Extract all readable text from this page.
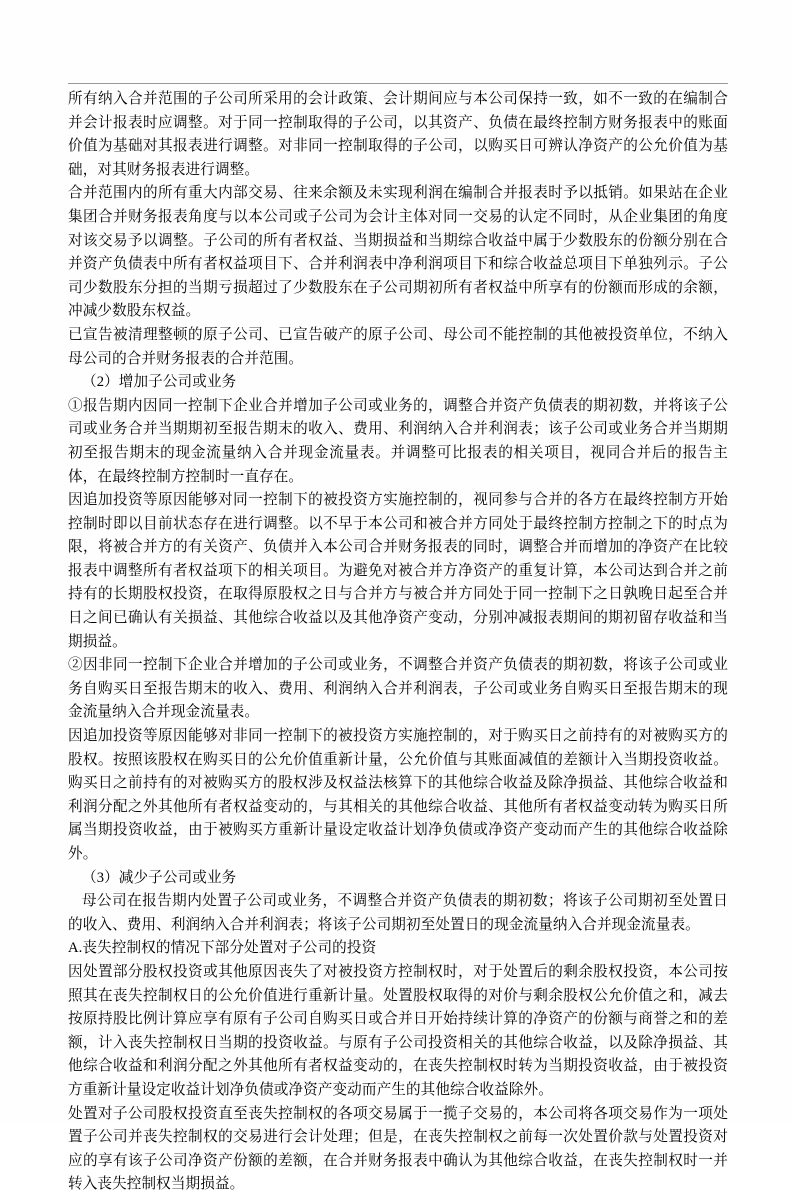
所有纳入合并范围的子公司所采用的会计政策、会计期间应与本公司保持一致，如不一致的在编制合并会计报表时应调整。对于同一控制取得的子公司，以其资产、负债在最终控制方财务报表中的账面价值为基础对其报表进行调整。对非同一控制取得的子公司，以购买日可辨认净资产的公允价值为基础，对其财务报表进行调整。

合并范围内的所有重大内部交易、往来余额及未实现利润在编制合并报表时予以抵销。如果站在企业集团合并财务报表角度与以本公司或子公司为会计主体对同一交易的认定不同时，从企业集团的角度对该交易予以调整。子公司的所有者权益、当期损益和当期综合收益中属于少数股东的份额分别在合并资产负债表中所有者权益项目下、合并利润表中净利润项目下和综合收益总项目下单独列示。子公司少数股东分担的当期亏损超过了少数股东在子公司期初所有者权益中所享有的份额而形成的余额，冲减少数股东权益。

已宣告被清理整顿的原子公司、已宣告破产的原子公司、母公司不能控制的其他被投资单位，不纳入母公司的合并财务报表的合并范围。

（2）增加子公司或业务

①报告期内因同一控制下企业合并增加子公司或业务的，调整合并资产负债表的期初数，并将该子公司或业务合并当期期初至报告期末的收入、费用、利润纳入合并利润表；该子公司或业务合并当期期初至报告期末的现金流量纳入合并现金流量表。并调整可比报表的相关项目，视同合并后的报告主体，在最终控制方控制时一直存在。

因追加投资等原因能够对同一控制下的被投资方实施控制的，视同参与合并的各方在最终控制方开始控制时即以目前状态存在进行调整。以不早于本公司和被合并方同处于最终控制方控制之下的时点为限，将被合并方的有关资产、负债并入本公司合并财务报表的同时，调整合并而增加的净资产在比较报表中调整所有者权益项下的相关项目。为避免对被合并方净资产的重复计算，本公司达到合并之前持有的长期股权投资，在取得原股权之日与合并方与被合并方同处于同一控制下之日孰晚日起至合并日之间已确认有关损益、其他综合收益以及其他净资产变动，分别冲减报表期间的期初留存收益和当期损益。

②因非同一控制下企业合并增加的子公司或业务，不调整合并资产负债表的期初数，将该子公司或业务自购买日至报告期末的收入、费用、利润纳入合并利润表，子公司或业务自购买日至报告期末的现金流量纳入合并现金流量表。

因追加投资等原因能够对非同一控制下的被投资方实施控制的，对于购买日之前持有的对被购买方的股权。按照该股权在购买日的公允价值重新计量，公允价值与其账面减值的差额计入当期投资收益。购买日之前持有的对被购买方的股权涉及权益法核算下的其他综合收益及除净损益、其他综合收益和利润分配之外其他所有者权益变动的，与其相关的其他综合收益、其他所有者权益变动转为购买日所属当期投资收益，由于被购买方重新计量设定收益计划净负债或净资产变动而产生的其他综合收益除外。

（3）减少子公司或业务

母公司在报告期内处置子公司或业务，不调整合并资产负债表的期初数；将该子公司期初至处置日的收入、费用、利润纳入合并利润表；将该子公司期初至处置日的现金流量纳入合并现金流量表。

A.丧失控制权的情况下部分处置对子公司的投资

因处置部分股权投资或其他原因丧失了对被投资方控制权时，对于处置后的剩余股权投资，本公司按照其在丧失控制权日的公允价值进行重新计量。处置股权取得的对价与剩余股权公允价值之和，减去按原持股比例计算应享有原有子公司自购买日或合并日开始持续计算的净资产的份额与商誉之和的差额，计入丧失控制权日当期的投资收益。与原有子公司投资相关的其他综合收益，以及除净损益、其他综合收益和利润分配之外其他所有者权益变动的，在丧失控制权时转为当期投资收益，由于被投资方重新计量设定收益计划净负债或净资产变动而产生的其他综合收益除外。

处置对子公司股权投资直至丧失控制权的各项交易属于一揽子交易的，本公司将各项交易作为一项处置子公司并丧失控制权的交易进行会计处理；但是，在丧失控制权之前每一次处置价款与处置投资对应的享有该子公司净资产份额的差额，在合并财务报表中确认为其他综合收益，在丧失控制权时一并转入丧失控制权当期损益。
